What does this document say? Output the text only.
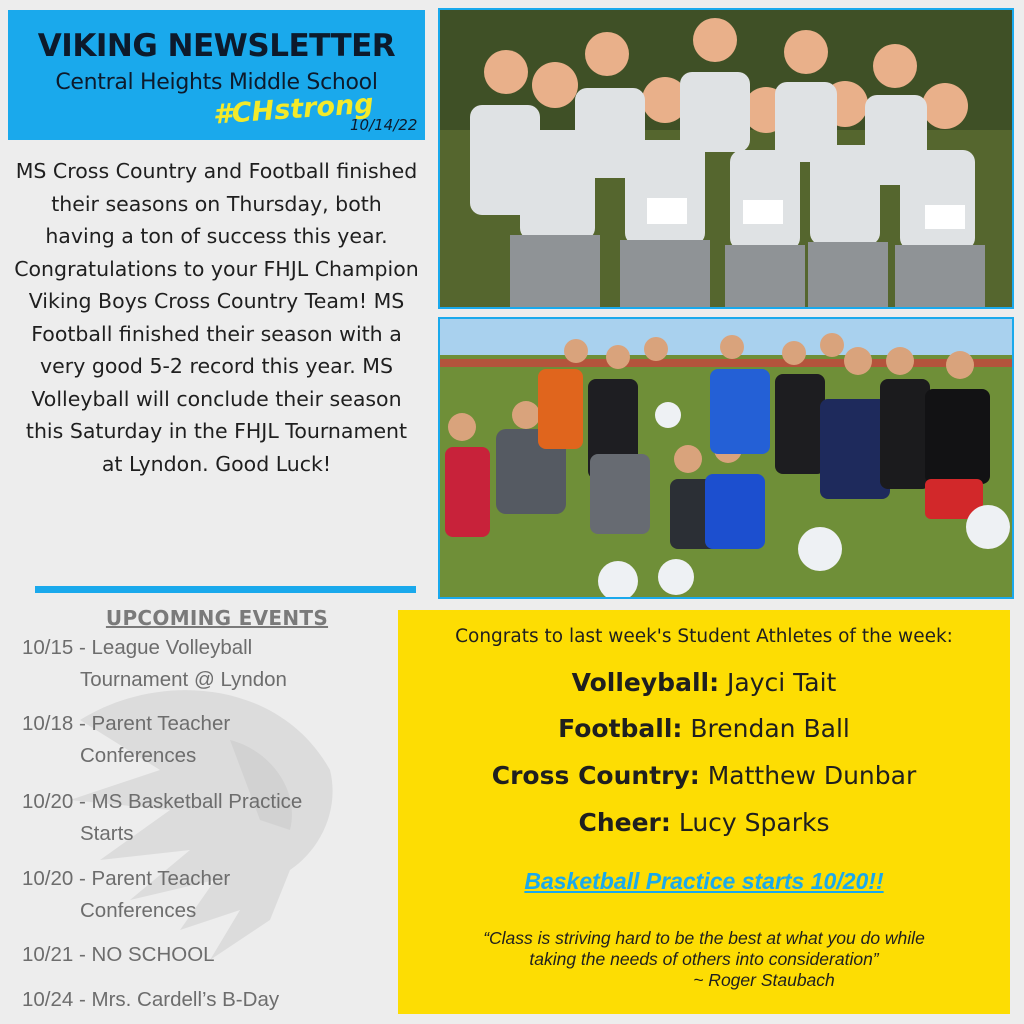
VIKING NEWSLETTER
Central Heights Middle School
#CHstrong
10/14/22
MS Cross Country and Football finished their seasons on Thursday, both having a ton of success this year. Congratulations to your FHJL Champion Viking Boys Cross Country Team! MS Football finished their season with a very good 5-2 record this year. MS Volleyball will conclude their season this Saturday in the FHJL Tournament at Lyndon. Good Luck!
UPCOMING EVENTS
10/15 - League Volleyball
Tournament @ Lyndon
10/18 - Parent Teacher
Conferences
10/20 - MS Basketball Practice
Starts
10/20 - Parent Teacher
Conferences
10/21 - NO SCHOOL
10/24 - Mrs. Cardell’s B-Day
Congrats to last week's Student Athletes of the week:
Volleyball: Jayci Tait
Football: Brendan Ball
Cross Country: Matthew Dunbar
Cheer: Lucy Sparks
Basketball Practice starts 10/20!!
“Class is striving hard to be the best at what you do while
taking the needs of others into consideration”
~ Roger Staubach
